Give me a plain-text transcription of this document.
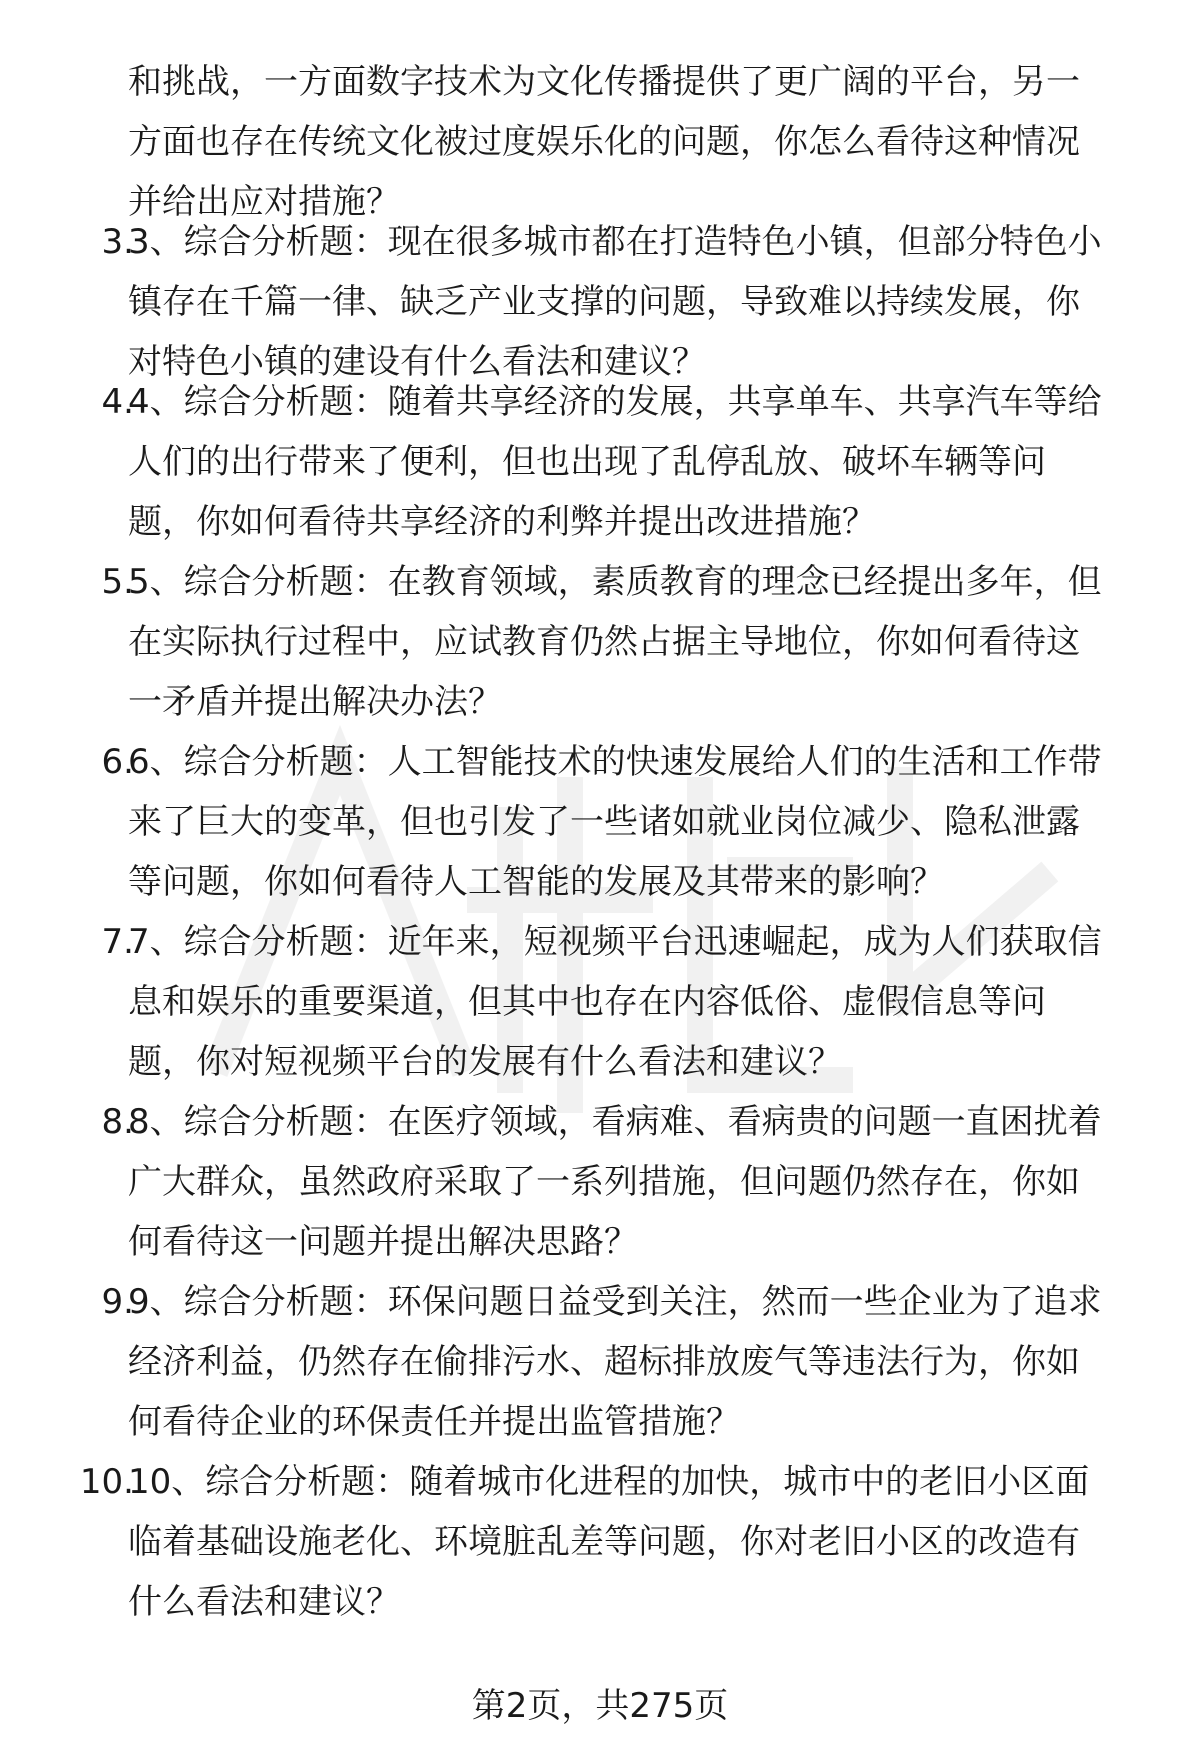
和挑战，一方面数字技术为文化传播提供了更广阔的平台，另一
方面也存在传统文化被过度娱乐化的问题，你怎么看待这种情况
并给出应对措施？
3.
3、综合分析题：现在很多城市都在打造特色小镇，但部分特色小
镇存在千篇一律、缺乏产业支撑的问题，导致难以持续发展，你
对特色小镇的建设有什么看法和建议？
4.
4、综合分析题：随着共享经济的发展，共享单车、共享汽车等给
人们的出行带来了便利，但也出现了乱停乱放、破坏车辆等问
题，你如何看待共享经济的利弊并提出改进措施？
5.
5、综合分析题：在教育领域，素质教育的理念已经提出多年，但
在实际执行过程中，应试教育仍然占据主导地位，你如何看待这
一矛盾并提出解决办法？
6.
6、综合分析题：人工智能技术的快速发展给人们的生活和工作带
来了巨大的变革，但也引发了一些诸如就业岗位减少、隐私泄露
等问题，你如何看待人工智能的发展及其带来的影响？
7.
7、综合分析题：近年来，短视频平台迅速崛起，成为人们获取信
息和娱乐的重要渠道，但其中也存在内容低俗、虚假信息等问
题，你对短视频平台的发展有什么看法和建议？
8.
8、综合分析题：在医疗领域，看病难、看病贵的问题一直困扰着
广大群众，虽然政府采取了一系列措施，但问题仍然存在，你如
何看待这一问题并提出解决思路？
9.
9、综合分析题：环保问题日益受到关注，然而一些企业为了追求
经济利益，仍然存在偷排污水、超标排放废气等违法行为，你如
何看待企业的环保责任并提出监管措施？
10.
10、综合分析题：随着城市化进程的加快，城市中的老旧小区面
临着基础设施老化、环境脏乱差等问题，你对老旧小区的改造有
什么看法和建议？
第2页，共275页
